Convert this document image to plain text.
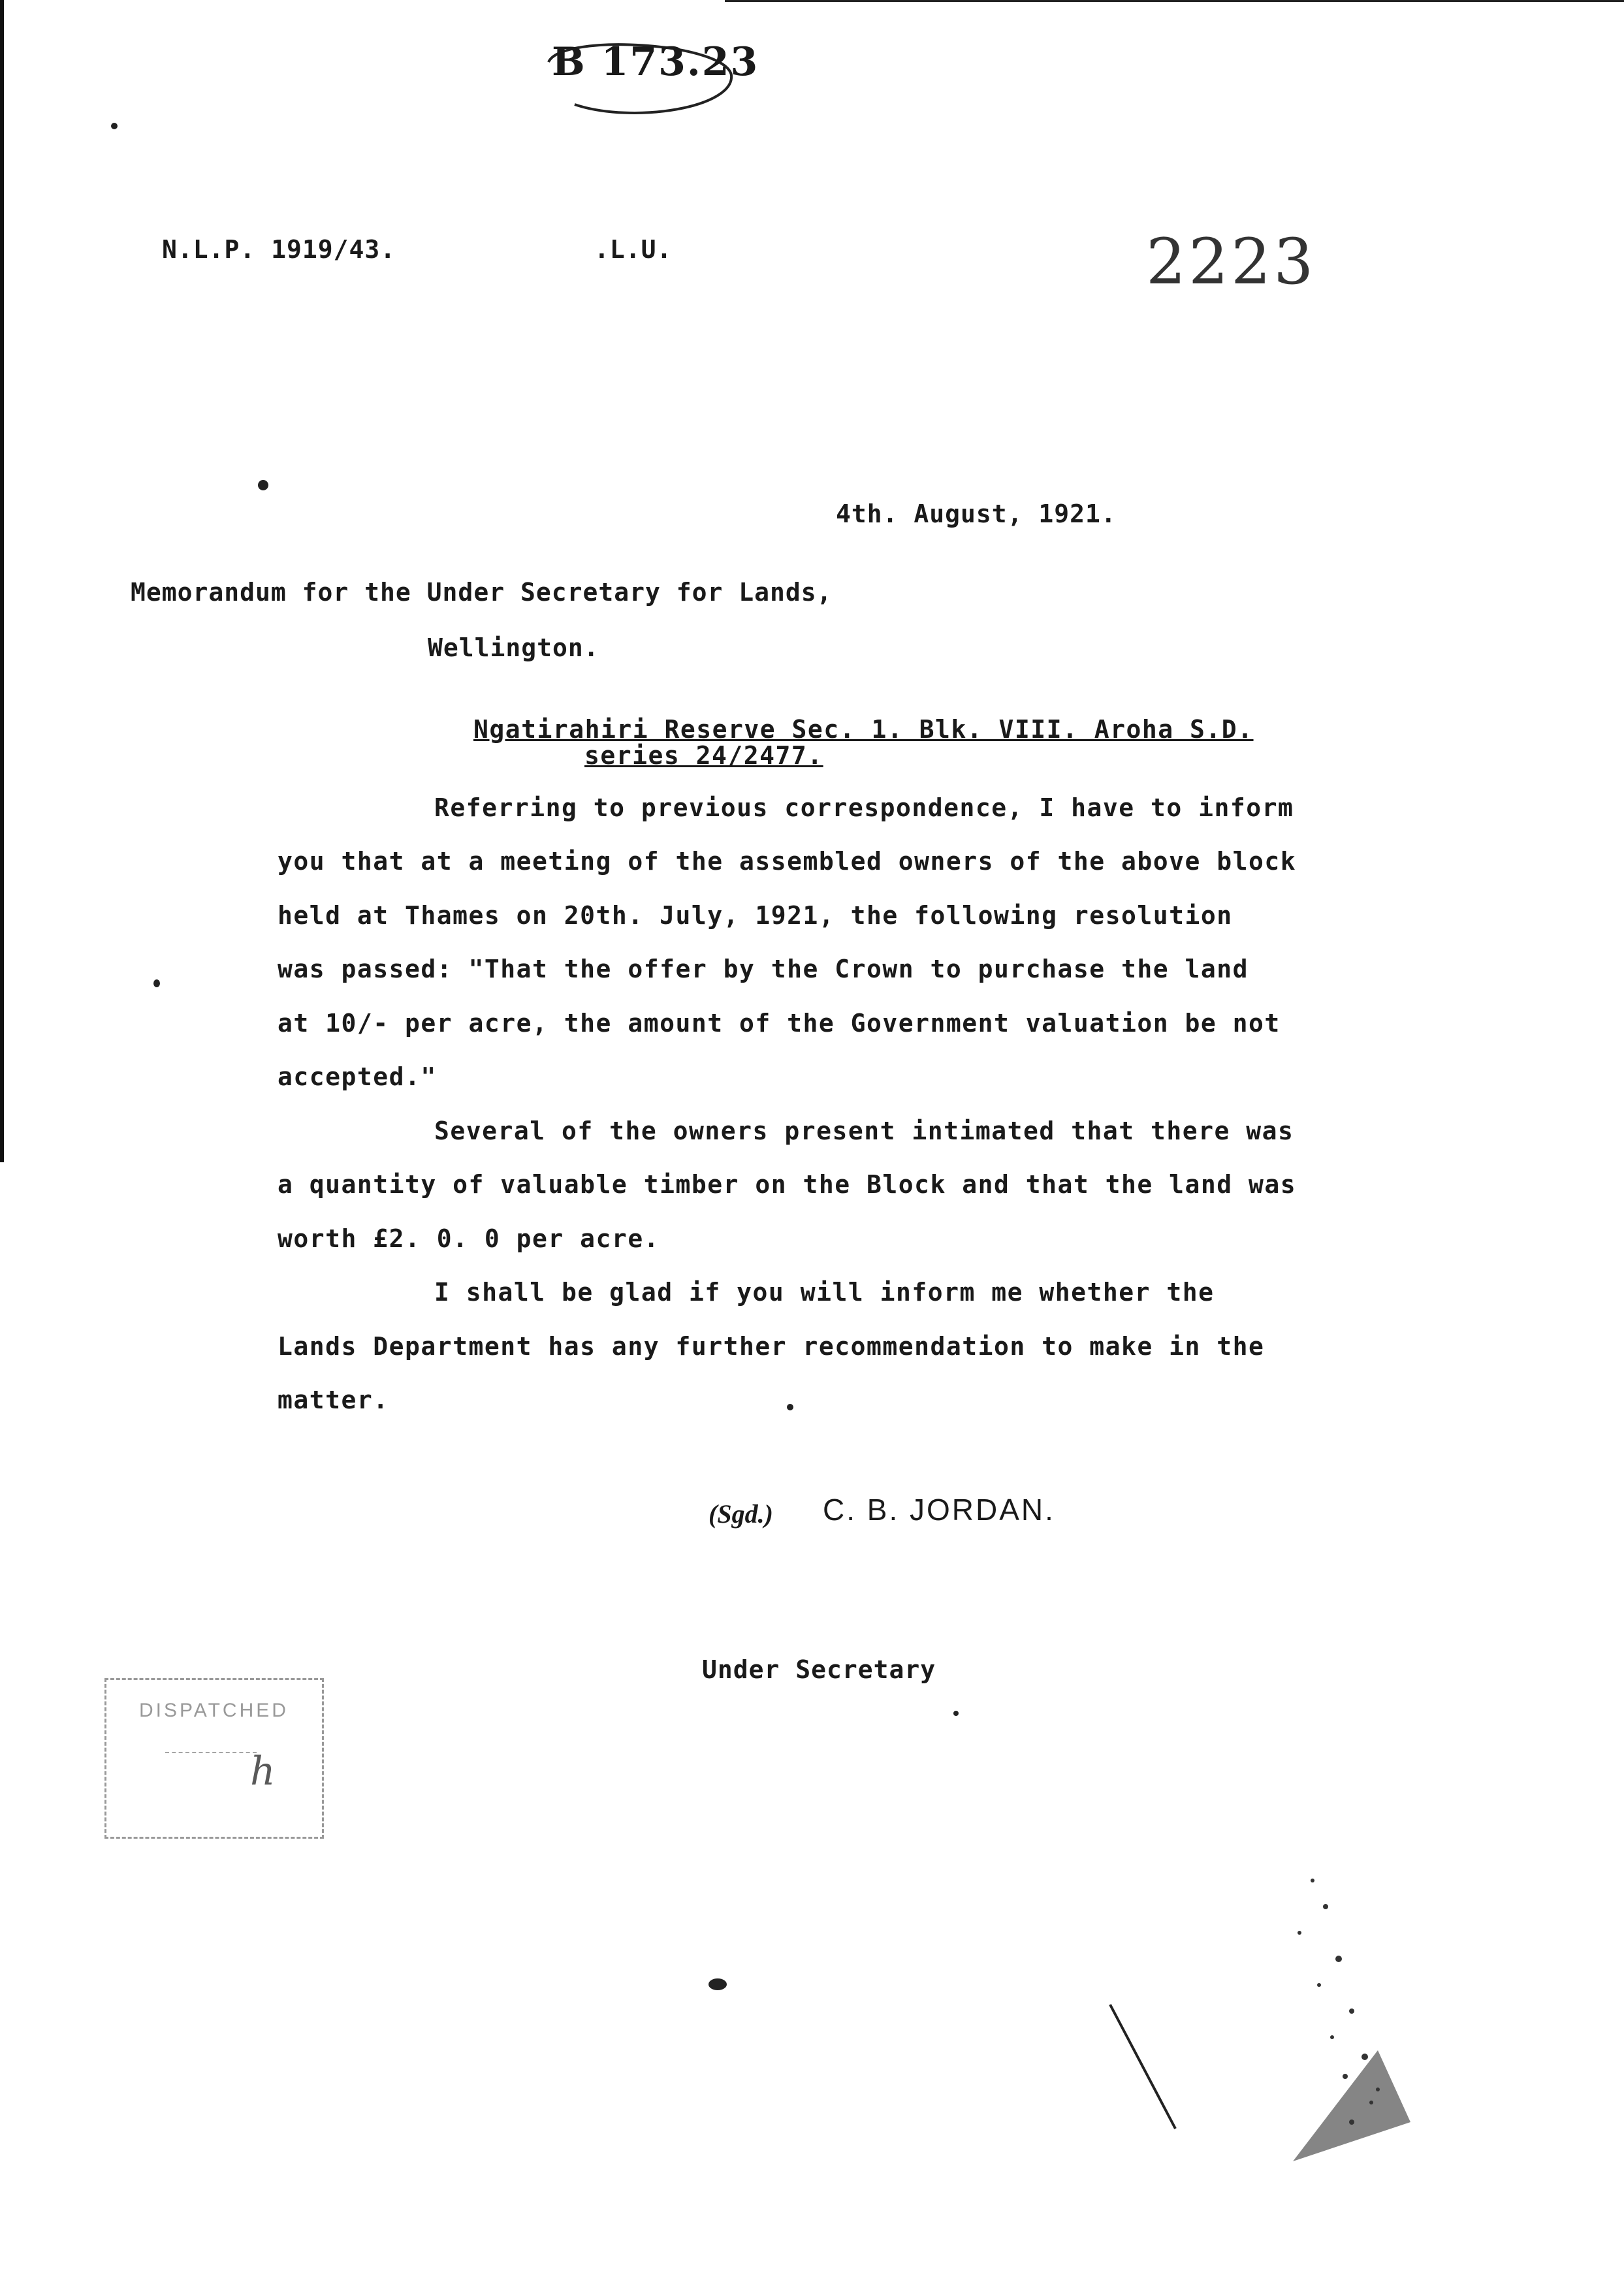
B 173.23
N.L.P. 1919/43.	.L.U.	2223
4th. August, 1921.
Memorandum for the Under Secretary for Lands,
Wellington.
Ngatirahiri Reserve Sec. 1. Blk. VIII. Aroha S.D.
series 24/2477.
Referring to previous correspondence, I have to inform
you that at a meeting of the assembled owners of the above block
held at Thames on 20th. July, 1921, the following resolution
was passed: "That the offer by the Crown to purchase the land
at 10/- per acre, the amount of the Government valuation be not
accepted."
Several of the owners present intimated that there was
a quantity of valuable timber on the Block and that the land was
worth £2. 0. 0 per acre.
I shall be glad if you will inform me whether the
Lands Department has any further recommendation to make in the
matter.
(Sgd.) C. B. JORDAN.
Under Secretary
DISPATCHED
h
